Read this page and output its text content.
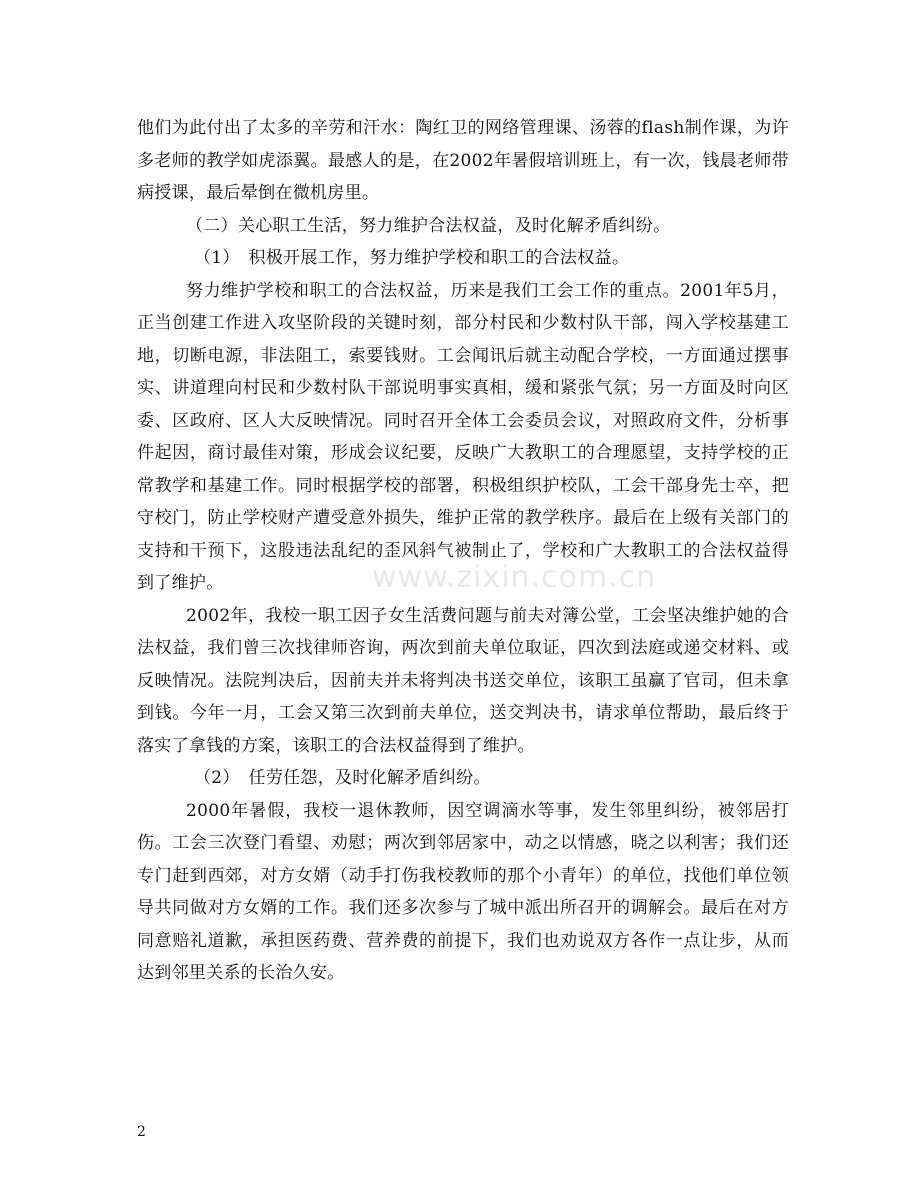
他们为此付出了太多的辛劳和汗水：陶红卫的网络管理课、汤蓉的flash制作课，为许多老师的教学如虎添翼。最感人的是，在2002年暑假培训班上，有一次，钱晨老师带病授课，最后晕倒在微机房里。

（二）关心职工生活，努力维护合法权益，及时化解矛盾纠纷。

（1）　积极开展工作，努力维护学校和职工的合法权益。

努力维护学校和职工的合法权益，历来是我们工会工作的重点。2001年5月，正当创建工作进入攻坚阶段的关键时刻，部分村民和少数村队干部，闯入学校基建工地，切断电源，非法阻工，索要钱财。工会闻讯后就主动配合学校，一方面通过摆事实、讲道理向村民和少数村队干部说明事实真相，缓和紧张气氛；另一方面及时向区委、区政府、区人大反映情况。同时召开全体工会委员会议，对照政府文件，分析事件起因，商讨最佳对策，形成会议纪要，反映广大教职工的合理愿望，支持学校的正常教学和基建工作。同时根据学校的部署，积极组织护校队，工会干部身先士卒，把守校门，防止学校财产遭受意外损失，维护正常的教学秩序。最后在上级有关部门的支持和干预下，这股违法乱纪的歪风斜气被制止了，学校和广大教职工的合法权益得到了维护。

2002年，我校一职工因子女生活费问题与前夫对簿公堂，工会坚决维护她的合法权益，我们曾三次找律师咨询，两次到前夫单位取证，四次到法庭或递交材料、或反映情况。法院判决后，因前夫并未将判决书送交单位，该职工虽赢了官司，但未拿到钱。今年一月，工会又第三次到前夫单位，送交判决书，请求单位帮助，最后终于落实了拿钱的方案，该职工的合法权益得到了维护。

（2）　任劳任怨，及时化解矛盾纠纷。

2000年暑假，我校一退休教师，因空调滴水等事，发生邻里纠纷，被邻居打伤。工会三次登门看望、劝慰；两次到邻居家中，动之以情感，晓之以利害；我们还专门赶到西郊，对方女婿（动手打伤我校教师的那个小青年）的单位，找他们单位领导共同做对方女婿的工作。我们还多次参与了城中派出所召开的调解会。最后在对方同意赔礼道歉，承担医药费、营养费的前提下，我们也劝说双方各作一点让步，从而达到邻里关系的长治久安。

www.zixin.com.cn
2
